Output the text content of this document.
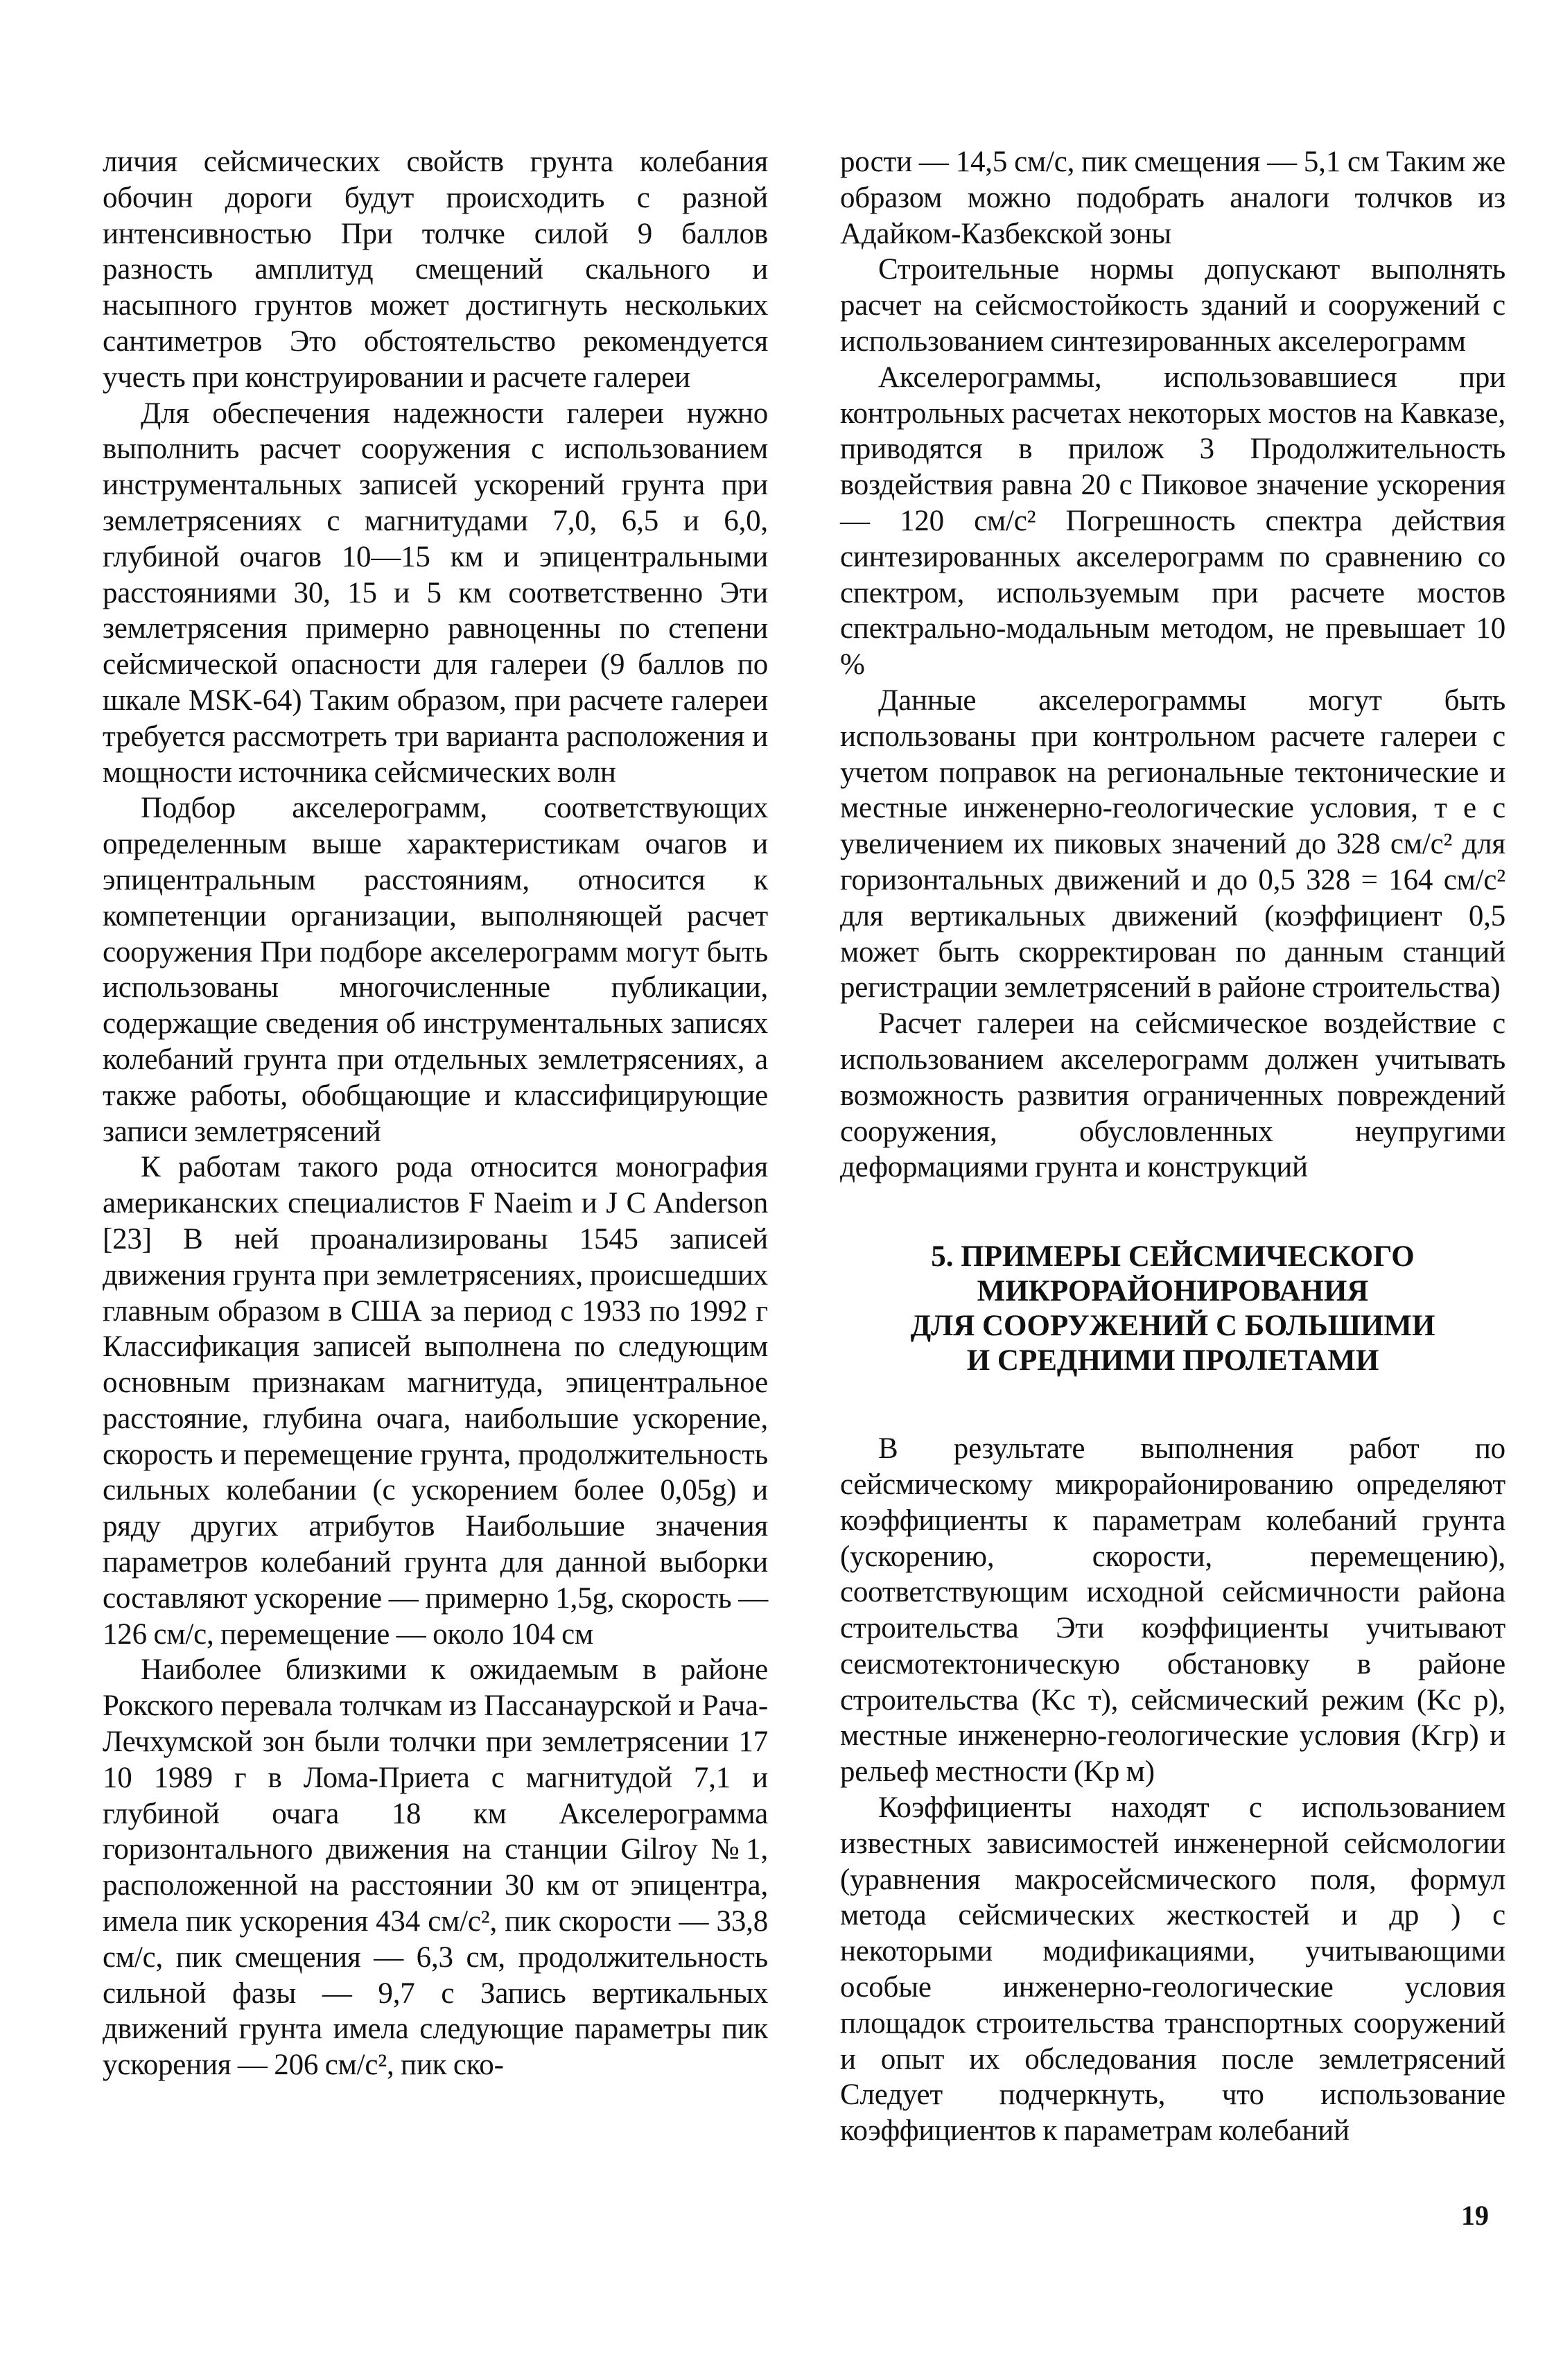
личия сейсмических свойств грунта колебания обочин дороги будут происходить с разной интенсивностью При толчке силой 9 баллов разность амплитуд смещений скального и насыпного грунтов может достигнуть нескольких сантиметров Это обстоятельство рекомендуется учесть при конструировании и расчете галереи

Для обеспечения надежности галереи нужно выполнить расчет сооружения с использованием инструментальных записей ускорений грунта при землетрясениях с магнитудами 7,0, 6,5 и 6,0, глубиной очагов 10—15 км и эпицентральными расстояниями 30, 15 и 5 км соответственно Эти землетрясения примерно равноценны по степени сейсмической опасности для галереи (9 баллов по шкале MSK-64) Таким образом, при расчете галереи требуется рассмотреть три варианта расположения и мощности источника сейсмических волн

Подбор акселерограмм, соответствующих определенным выше характеристикам очагов и эпицентральным расстояниям, относится к компетенции организации, выполняющей расчет сооружения При подборе акселерограмм могут быть использованы многочисленные публикации, содержащие сведения об инструментальных записях колебаний грунта при отдельных землетрясениях, а также работы, обобщающие и классифицирующие записи землетрясений

К работам такого рода относится монография американских специалистов F Naeim и J C Anderson [23] В ней проанализированы 1545 записей движения грунта при землетрясениях, происшедших главным образом в США за период с 1933 по 1992 г Классификация записей выполнена по следующим основным признакам магнитуда, эпицентральное расстояние, глубина очага, наибольшие ускорение, скорость и перемещение грунта, продолжительность сильных колебании (с ускорением более 0,05g) и ряду других атрибутов Наибольшие значения параметров колебаний грунта для данной выборки составляют ускорение — примерно 1,5g, скорость — 126 см/с, перемещение — около 104 см

Наиболее близкими к ожидаемым в районе Рокского перевала толчкам из Пассанаурской и Рача-Лечхумской зон были толчки при землетрясении 17 10 1989 г в Лома-Приета с магнитудой 7,1 и глубиной очага 18 км Акселерограмма горизонтального движения на станции Gilroy №1, расположенной на расстоянии 30 км от эпицентра, имела пик ускорения 434 см/с², пик скорости — 33,8 см/с, пик смещения — 6,3 см, продолжительность сильной фазы — 9,7 с Запись вертикальных движений грунта имела следующие параметры пик ускорения — 206 см/с², пик ско-

рости — 14,5 см/с, пик смещения — 5,1 см Таким же образом можно подобрать аналоги толчков из Адайком-Казбекской зоны

Строительные нормы допускают выполнять расчет на сейсмостойкость зданий и сооружений с использованием синтезированных акселерограмм

Акселерограммы, использовавшиеся при контрольных расчетах некоторых мостов на Кавказе, приводятся в прилож 3 Продолжительность воздействия равна 20 с Пиковое значение ускорения — 120 см/с² Погрешность спектра действия синтезированных акселерограмм по сравнению со спектром, используемым при расчете мостов спектрально-модальным методом, не превышает 10 %

Данные акселерограммы могут быть использованы при контрольном расчете галереи с учетом поправок на региональные тектонические и местные инженерно-геологические условия, т е с увеличением их пиковых значений до 328 см/с² для горизонтальных движений и до 0,5 328 = 164 см/с² для вертикальных движений (коэффициент 0,5 может быть скорректирован по данным станций регистрации землетрясений в районе строительства)

Расчет галереи на сейсмическое воздействие с использованием акселерограмм должен учитывать возможность развития ограниченных повреждений сооружения, обусловленных неупругими деформациями грунта и конструкций

5. ПРИМЕРЫ СЕЙСМИЧЕСКОГО
МИКРОРАЙОНИРОВАНИЯ
ДЛЯ СООРУЖЕНИЙ С БОЛЬШИМИ
И СРЕДНИМИ ПРОЛЕТАМИ

В результате выполнения работ по сейсмическому микрорайонированию определяют коэффициенты к параметрам колебаний грунта (ускорению, скорости, перемещению), соответствующим исходной сейсмичности района строительства Эти коэффициенты учитывают сеисмотектоническую обстановку в районе строительства (Kс т), сейсмический режим (Kс р), местные инженерно-геологические условия (Kгр) и рельеф местности (Kр м)

Коэффициенты находят с использованием известных зависимостей инженерной сейсмологии (уравнения макросейсмического поля, формул метода сейсмических жесткостей и др ) с некоторыми модификациями, учитывающими особые инженерно-геологические условия площадок строительства транспортных сооружений и опыт их обследования после землетрясений Следует подчеркнуть, что использование коэффициентов к параметрам колебаний

19
